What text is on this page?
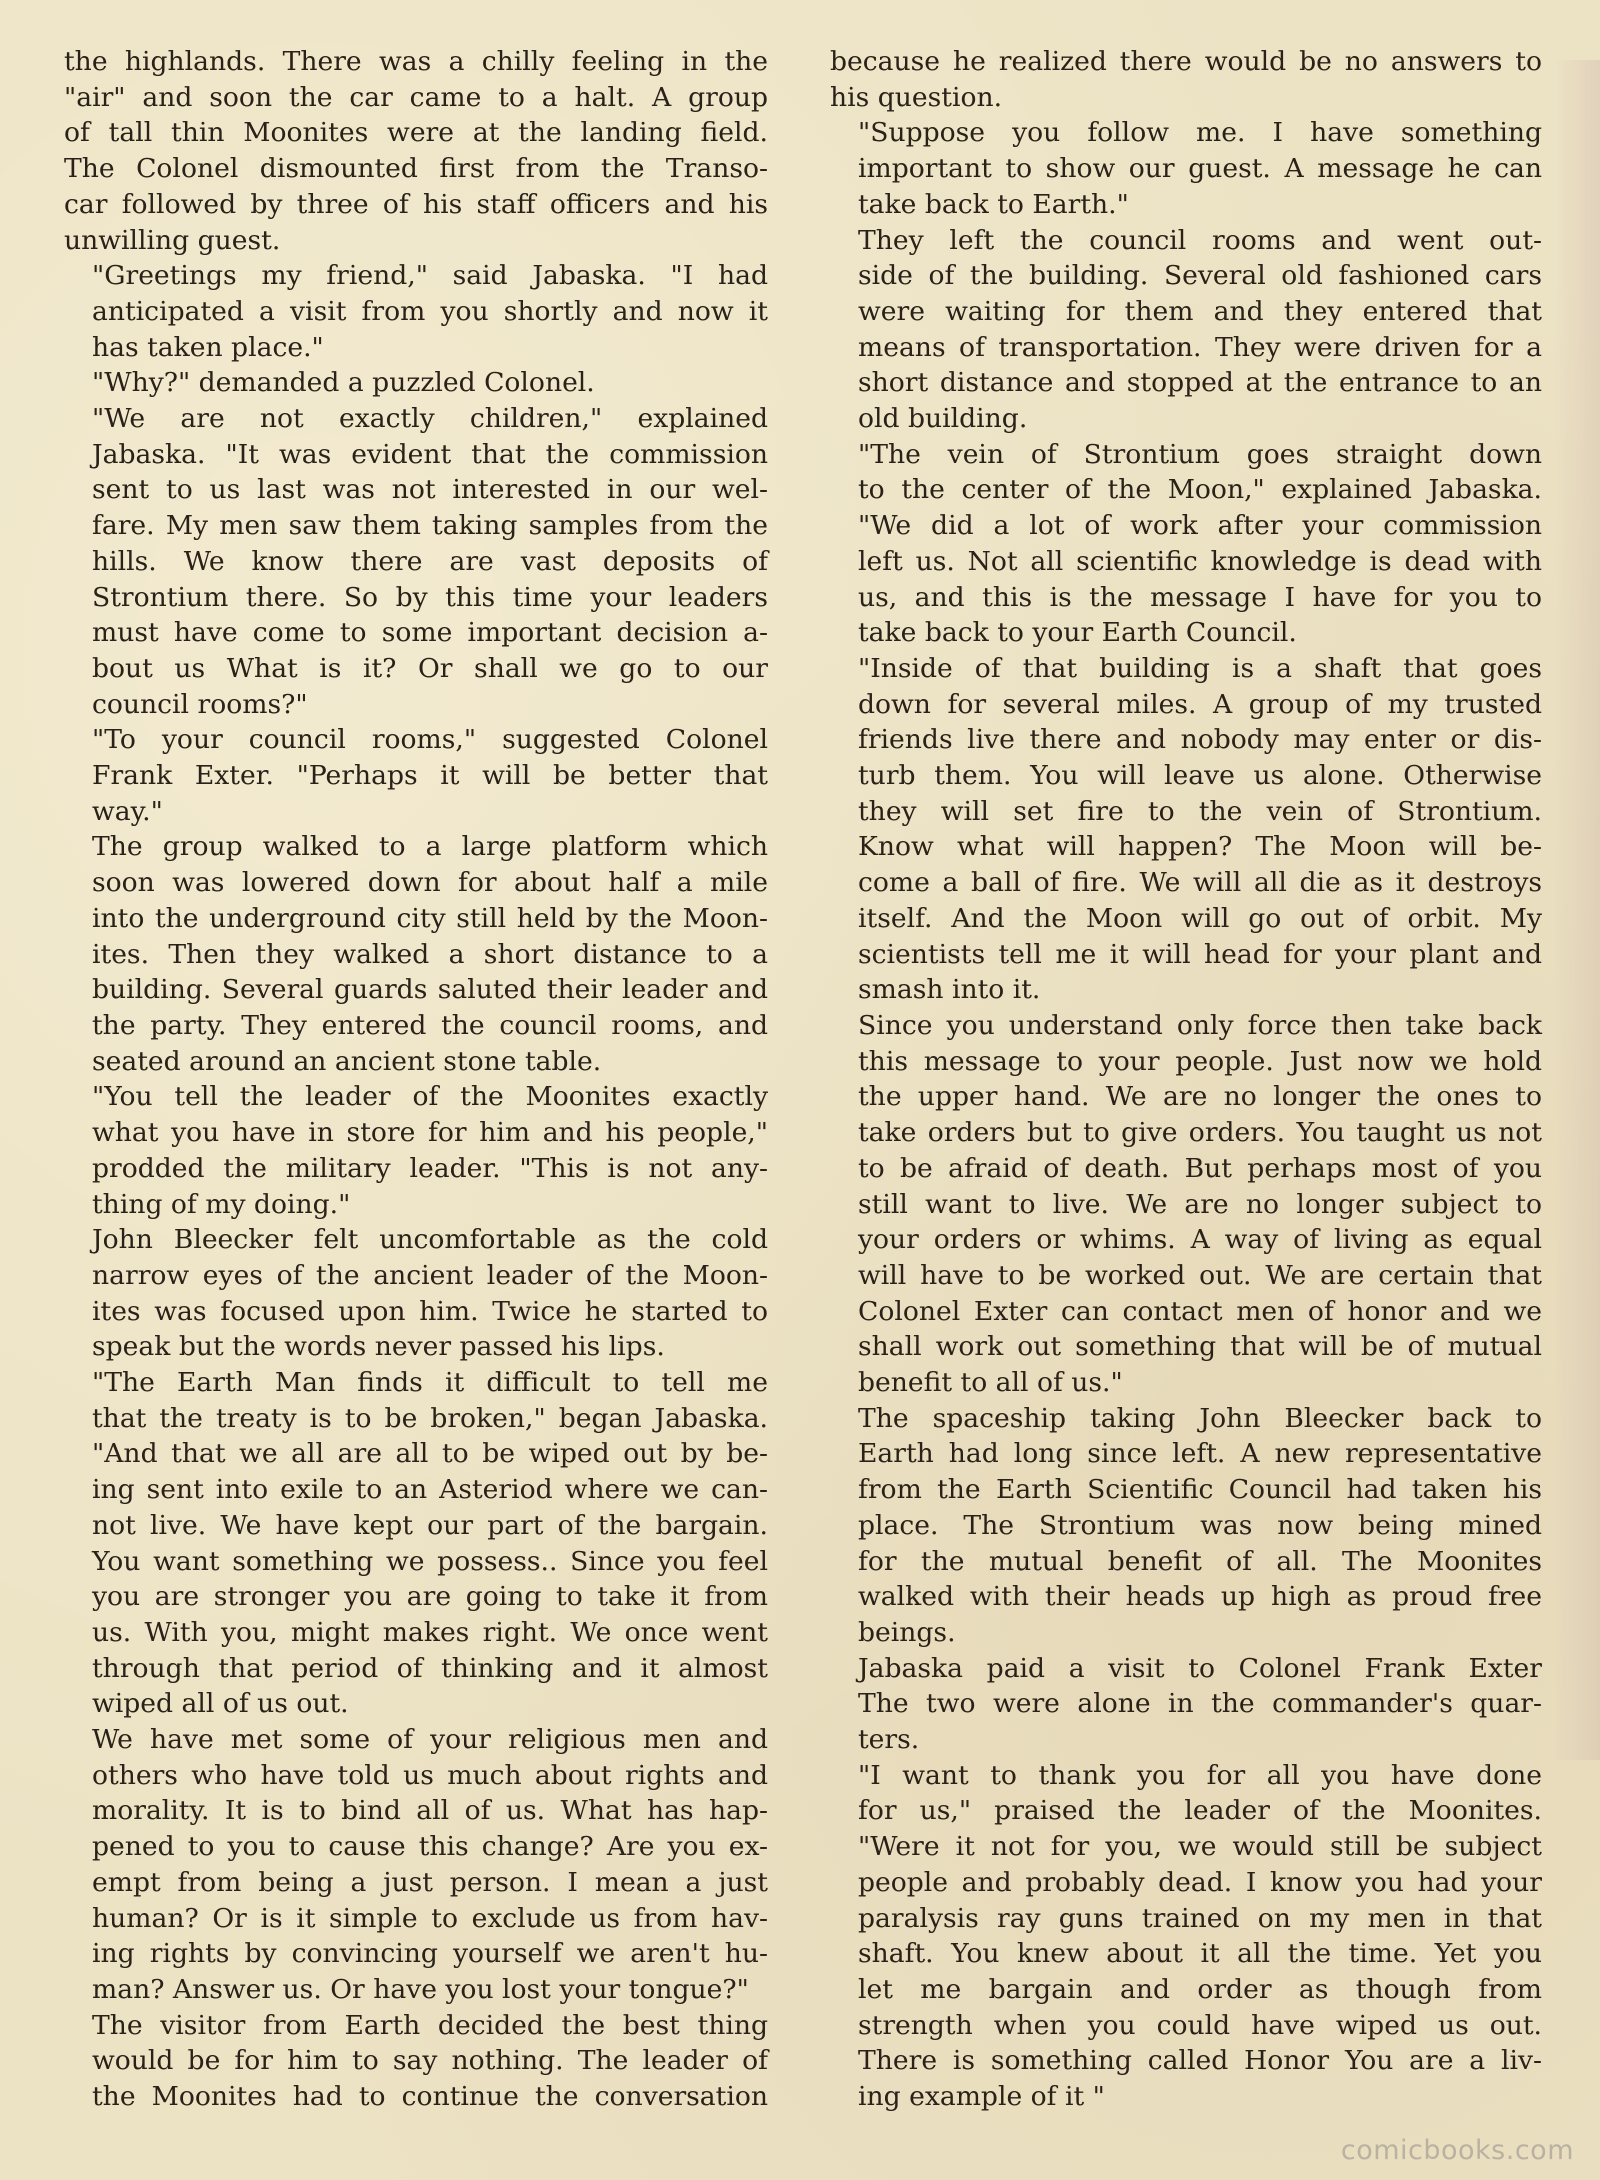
the highlands. There was a chilly feeling in the
"air" and soon the car came to a halt. A group
of tall thin Moonites were at the landing field.
The Colonel dismounted first from the Transo-
car followed by three of his staff officers and his
unwilling guest.

"Greetings my friend," said Jabaska. "I had
anticipated a visit from you shortly and now it
has taken place."

"Why?" demanded a puzzled Colonel.

"We are not exactly children," explained
Jabaska. "It was evident that the commission
sent to us last was not interested in our wel-
fare. My men saw them taking samples from the
hills. We know there are vast deposits of
Strontium there. So by this time your leaders
must have come to some important decision a-
bout us What is it? Or shall we go to our
council rooms?"

"To your council rooms," suggested Colonel
Frank Exter. "Perhaps it will be better that
way."

The group walked to a large platform which
soon was lowered down for about half a mile
into the underground city still held by the Moon-
ites. Then they walked a short distance to a
building. Several guards saluted their leader and
the party. They entered the council rooms, and
seated around an ancient stone table.

"You tell the leader of the Moonites exactly
what you have in store for him and his people,"
prodded the military leader. "This is not any-
thing of my doing."

John Bleecker felt uncomfortable as the cold
narrow eyes of the ancient leader of the Moon-
ites was focused upon him. Twice he started to
speak but the words never passed his lips.

"The Earth Man finds it difficult to tell me
that the treaty is to be broken," began Jabaska.
"And that we all are all to be wiped out by be-
ing sent into exile to an Asteriod where we can-
not live. We have kept our part of the bargain.
You want something we possess.. Since you feel
you are stronger you are going to take it from
us. With you, might makes right. We once went
through that period of thinking and it almost
wiped all of us out.

We have met some of your religious men and
others who have told us much about rights and
morality. It is to bind all of us. What has hap-
pened to you to cause this change? Are you ex-
empt from being a just person. I mean a just
human? Or is it simple to exclude us from hav-
ing rights by convincing yourself we aren't hu-
man? Answer us. Or have you lost your tongue?"

The visitor from Earth decided the best thing
would be for him to say nothing. The leader of
the Moonites had to continue the conversation

because he realized there would be no answers to
his question.

"Suppose you follow me. I have something
important to show our guest. A message he can
take back to Earth."

They left the council rooms and went out-
side of the building. Several old fashioned cars
were waiting for them and they entered that
means of transportation. They were driven for a
short distance and stopped at the entrance to an
old building.

"The vein of Strontium goes straight down
to the center of the Moon," explained Jabaska.
"We did a lot of work after your commission
left us. Not all scientific knowledge is dead with
us, and this is the message I have for you to
take back to your Earth Council.

"Inside of that building is a shaft that goes
down for several miles. A group of my trusted
friends live there and nobody may enter or dis-
turb them. You will leave us alone. Otherwise
they will set fire to the vein of Strontium.
Know what will happen? The Moon will be-
come a ball of fire. We will all die as it destroys
itself. And the Moon will go out of orbit. My
scientists tell me it will head for your plant and
smash into it.

Since you understand only force then take back
this message to your people. Just now we hold
the upper hand. We are no longer the ones to
take orders but to give orders. You taught us not
to be afraid of death. But perhaps most of you
still want to live. We are no longer subject to
your orders or whims. A way of living as equal
will have to be worked out. We are certain that
Colonel Exter can contact men of honor and we
shall work out something that will be of mutual
benefit to all of us."

The spaceship taking John Bleecker back to
Earth had long since left. A new representative
from the Earth Scientific Council had taken his
place. The Strontium was now being mined
for the mutual benefit of all. The Moonites
walked with their heads up high as proud free
beings.

Jabaska paid a visit to Colonel Frank Exter
The two were alone in the commander's quar-
ters.

"I want to thank you for all you have done
for us," praised the leader of the Moonites.
"Were it not for you, we would still be subject
people and probably dead. I know you had your
paralysis ray guns trained on my men in that
shaft. You knew about it all the time. Yet you
let me bargain and order as though from
strength when you could have wiped us out.
There is something called Honor You are a liv-
ing example of it "

comicbooks.com
